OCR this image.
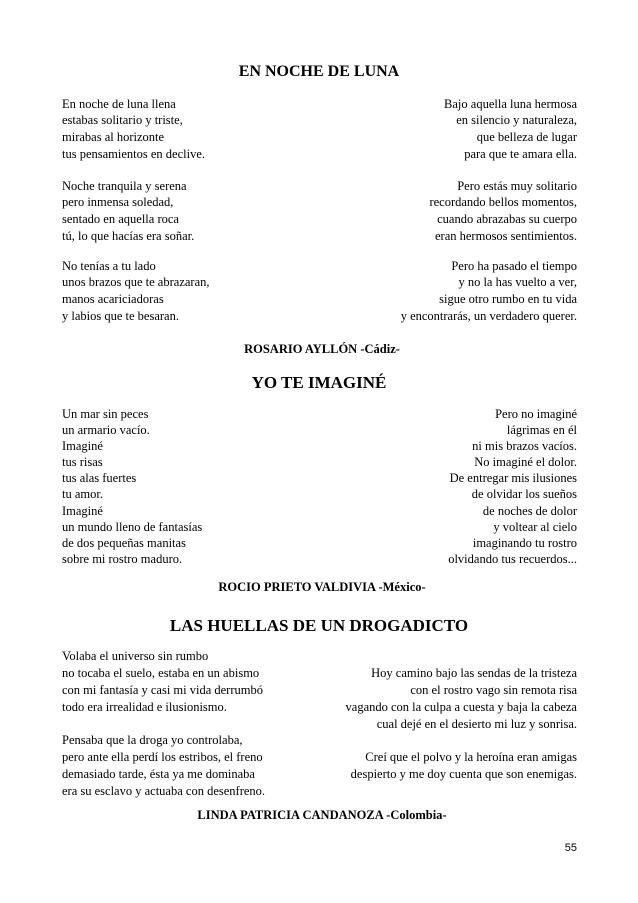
EN NOCHE DE LUNA
En noche de luna llena
estabas solitario y triste,
mirabas al horizonte
tus pensamientos en declive.
Noche tranquila y serena
pero inmensa soledad,
sentado en aquella roca
tú, lo que hacías era soñar.
No tenías a tu lado
unos brazos que te abrazaran,
manos acariciadoras
y labios que te besaran.
Bajo aquella luna hermosa
en silencio y naturaleza,
que belleza de lugar
para que te amara ella.
Pero estás muy solitario
recordando bellos momentos,
cuando abrazabas su cuerpo
eran hermosos sentimientos.
Pero ha pasado el tiempo
y no la has vuelto a ver,
sigue otro rumbo en tu vida
y encontrarás, un verdadero querer.
ROSARIO AYLLÓN -Cádiz-
YO TE IMAGINÉ
Un mar sin peces
un armario vacío.
Imaginé
tus risas
tus alas fuertes
tu amor.
Imaginé
un mundo lleno de fantasías
de dos pequeñas manitas
sobre mi rostro maduro.
Pero no imaginé
lágrimas en él
ni mis brazos vacíos.
No imaginé el dolor.
De entregar mis ilusiones
de olvidar los sueños
de noches de dolor
y voltear al cielo
imaginando tu rostro
olvidando tus recuerdos...
ROCIO PRIETO VALDIVIA -México-
LAS HUELLAS DE UN DROGADICTO
Volaba el universo sin rumbo
no tocaba el suelo, estaba en un abismo
con mi fantasía y casi mi vida derrumbó
todo era irrealidad e ilusionismo.
Pensaba que la droga yo controlaba,
pero ante ella perdí los estribos, el freno
demasiado tarde, ésta ya me dominaba
era su esclavo y actuaba con desenfreno.
Hoy camino bajo las sendas de la tristeza
con el rostro vago sin remota risa
vagando con la culpa a cuesta y baja la cabeza
cual dejé en el desierto mi luz y sonrisa.
Creí que el polvo y la heroína eran amigas
despierto y me doy cuenta que son enemigas.
LINDA PATRICIA CANDANOZA -Colombia-
55
